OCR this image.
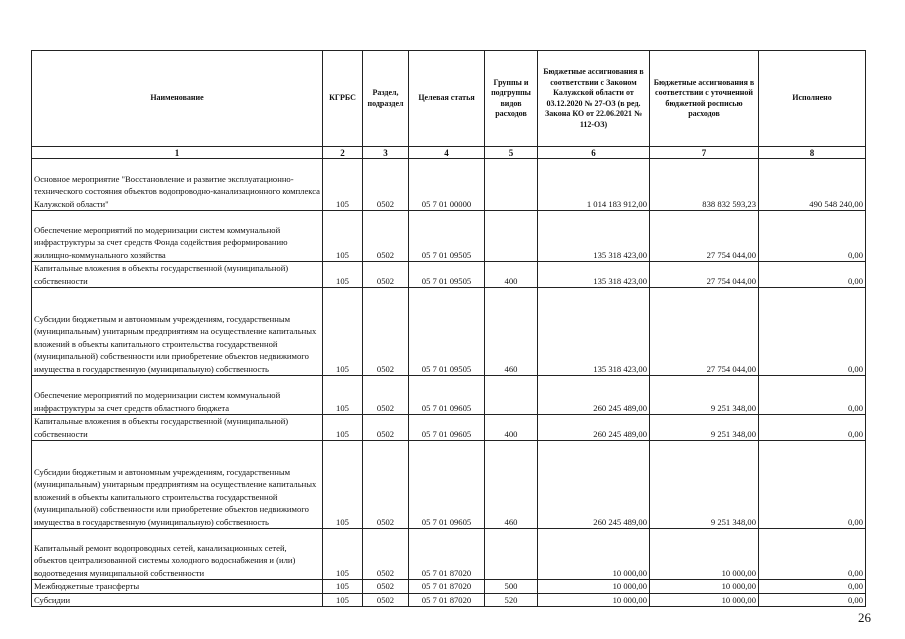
Наименование	КГРБС	Раздел, подраздел	Целевая статья	Группы и подгруппы видов расходов	Бюджетные ассигнования в соответствии с Законом Калужской области от 03.12.2020 № 27-ОЗ (в ред. Закона КО от 22.06.2021 № 112-ОЗ)	Бюджетные ассигнования в соответствии с уточненной бюджетной росписью расходов	Исполнено
1	2	3	4	5	6	7	8
Основное мероприятие "Восстановление и развитие эксплуатационно-технического состояния объектов водопроводно-канализационного комплекса Калужской области"	105	0502	05 7 01 00000		1 014 183 912,00	838 832 593,23	490 548 240,00
Обеспечение мероприятий по модернизации систем коммунальной инфраструктуры за счет средств Фонда содействия реформированию жилищно-коммунального хозяйства	105	0502	05 7 01 09505		135 318 423,00	27 754 044,00	0,00
Капитальные вложения в объекты государственной (муниципальной) собственности	105	0502	05 7 01 09505	400	135 318 423,00	27 754 044,00	0,00
Субсидии бюджетным и автономным учреждениям, государственным (муниципальным) унитарным предприятиям на осуществление капитальных вложений в объекты капитального строительства государственной (муниципальной) собственности или приобретение объектов недвижимого имущества в государственную (муниципальную) собственность	105	0502	05 7 01 09505	460	135 318 423,00	27 754 044,00	0,00
Обеспечение мероприятий по модернизации систем коммунальной инфраструктуры за счет средств областного бюджета	105	0502	05 7 01 09605		260 245 489,00	9 251 348,00	0,00
Капитальные вложения в объекты государственной (муниципальной) собственности	105	0502	05 7 01 09605	400	260 245 489,00	9 251 348,00	0,00
Субсидии бюджетным и автономным учреждениям, государственным (муниципальным) унитарным предприятиям на осуществление капитальных вложений в объекты капитального строительства государственной (муниципальной) собственности или приобретение объектов недвижимого имущества в государственную (муниципальную) собственность	105	0502	05 7 01 09605	460	260 245 489,00	9 251 348,00	0,00
Капитальный ремонт водопроводных сетей, канализационных сетей, объектов централизованной системы холодного водоснабжения и (или) водоотведения муниципальной собственности	105	0502	05 7 01 87020		10 000,00	10 000,00	0,00
Межбюджетные трансферты	105	0502	05 7 01 87020	500	10 000,00	10 000,00	0,00
Субсидии	105	0502	05 7 01 87020	520	10 000,00	10 000,00	0,00
26
